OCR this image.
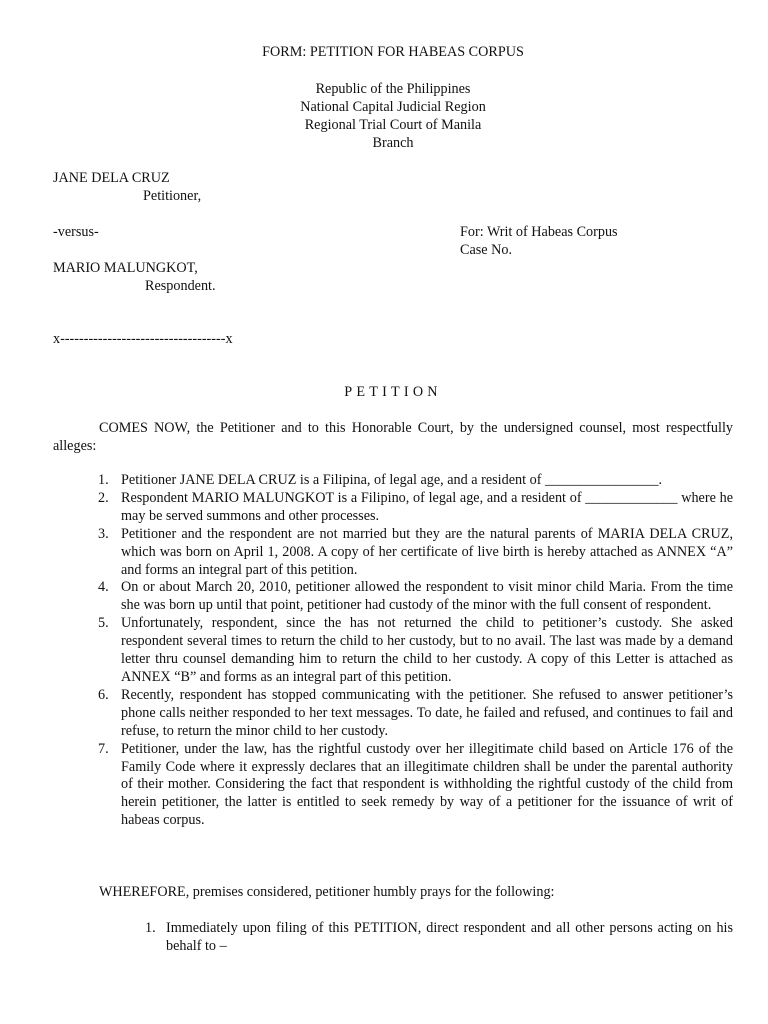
FORM: PETITION FOR HABEAS CORPUS
Republic of the Philippines
National Capital Judicial Region
Regional Trial Court of Manila
Branch
JANE DELA CRUZ
Petitioner,
-versus-	For: Writ of Habeas Corpus
Case No.
MARIO MALUNGKOT,
Respondent.
x-----------------------------------x
PETITION
COMES NOW, the Petitioner and to this Honorable Court, by the undersigned counsel, most respectfully alleges:
1. Petitioner JANE DELA CRUZ is a Filipina, of legal age, and a resident of ________________.
2. Respondent MARIO MALUNGKOT is a Filipino, of legal age, and a resident of _____________ where he may be served summons and other processes.
3. Petitioner and the respondent are not married but they are the natural parents of MARIA DELA CRUZ, which was born on April 1, 2008. A copy of her certificate of live birth is hereby attached as ANNEX “A” and forms an integral part of this petition.
4. On or about March 20, 2010, petitioner allowed the respondent to visit minor child Maria. From the time she was born up until that point, petitioner had custody of the minor with the full consent of respondent.
5. Unfortunately, respondent, since the has not returned the child to petitioner’s custody. She asked respondent several times to return the child to her custody, but to no avail. The last was made by a demand letter thru counsel demanding him to return the child to her custody. A copy of this Letter is attached as ANNEX “B” and forms as an integral part of this petition.
6. Recently, respondent has stopped communicating with the petitioner. She refused to answer petitioner’s phone calls neither responded to her text messages. To date, he failed and refused, and continues to fail and refuse, to return the minor child to her custody.
7. Petitioner, under the law, has the rightful custody over her illegitimate child based on Article 176 of the Family Code where it expressly declares that an illegitimate children shall be under the parental authority of their mother. Considering the fact that respondent is withholding the rightful custody of the child from herein petitioner, the latter is entitled to seek remedy by way of a petitioner for the issuance of writ of habeas corpus.
WHEREFORE, premises considered, petitioner humbly prays for the following:
1. Immediately upon filing of this PETITION, direct respondent and all other persons acting on his behalf to –
